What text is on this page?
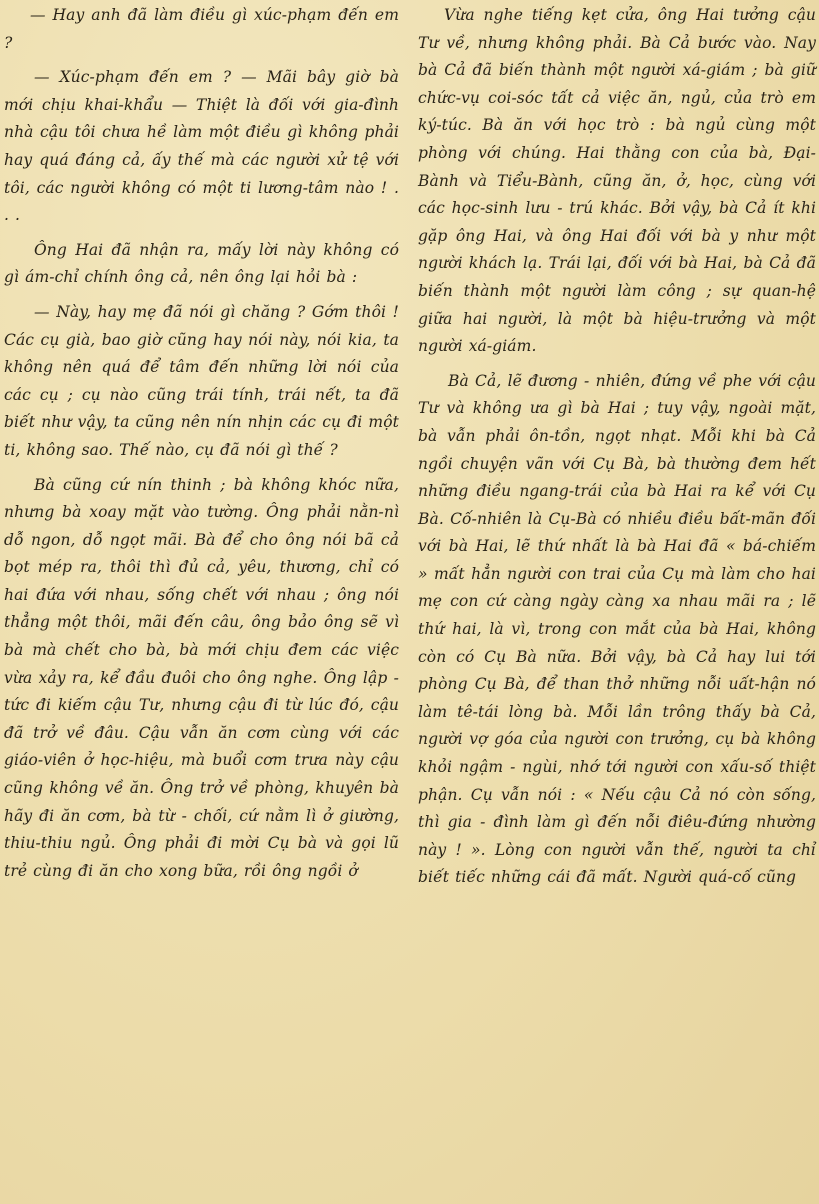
— Hay anh đã làm điều gì xúc-phạm đến em ?

— Xúc-phạm đến em ? — Mãi bây giờ bà mới chịu khai-khẩu — Thiệt là đối với gia-đình nhà cậu tôi chưa hề làm một điều gì không phải hay quá đáng cả, ấy thế mà các người xử tệ với tôi, các người không có một ti lương-tâm nào ! . . .

Ông Hai đã nhận ra, mấy lời này không có gì ám-chỉ chính ông cả, nên ông lại hỏi bà :

— Này, hay mẹ đã nói gì chăng ? Gớm thôi ! Các cụ già, bao giờ cũng hay nói này, nói kia, ta không nên quá để tâm đến những lời nói của các cụ ; cụ nào cũng trái tính, trái nết, ta đã biết như vậy, ta cũng nên nín nhịn các cụ đi một ti, không sao. Thế nào, cụ đã nói gì thế ?

Bà cũng cứ nín thinh ; bà không khóc nữa, nhưng bà xoay mặt vào tường. Ông phải nằn-nì dỗ ngon, dỗ ngọt mãi. Bà để cho ông nói bã cả bọt mép ra, thôi thì đủ cả, yêu, thương, chỉ có hai đứa với nhau, sống chết với nhau ; ông nói thẳng một thôi, mãi đến câu, ông bảo ông sẽ vì bà mà chết cho bà, bà mới chịu đem các việc vừa xảy ra, kể đầu đuôi cho ông nghe. Ông lập - tức đi kiếm cậu Tư, nhưng cậu đi từ lúc đó, cậu đã trở về đâu. Cậu vẫn ăn cơm cùng với các giáo-viên ở học-hiệu, mà buổi cơm trưa này cậu cũng không về ăn. Ông trở về phòng, khuyên bà hãy đi ăn cơm, bà từ - chối, cứ nằm lì ở giường, thiu-thiu ngủ. Ông phải đi mời Cụ bà và gọi lũ trẻ cùng đi ăn cho xong bữa, rồi ông ngồi ở

Vừa nghe tiếng kẹt cửa, ông Hai tưởng cậu Tư về, nhưng không phải. Bà Cả bước vào. Nay bà Cả đã biến thành một người xá-giám ; bà giữ chức-vụ coi-sóc tất cả việc ăn, ngủ, của trò em ký-túc. Bà ăn với học trò : bà ngủ cùng một phòng với chúng. Hai thằng con của bà, Đại-Bành và Tiểu-Bành, cũng ăn, ở, học, cùng với các học-sinh lưu - trú khác. Bởi vậy, bà Cả ít khi gặp ông Hai, và ông Hai đối với bà y như một người khách lạ. Trái lại, đối với bà Hai, bà Cả đã biến thành một người làm công ; sự quan-hệ giữa hai người, là một bà hiệu-trưởng và một người xá-giám.

Bà Cả, lẽ đương - nhiên, đứng về phe với cậu Tư và không ưa gì bà Hai ; tuy vậy, ngoài mặt, bà vẫn phải ôn-tồn, ngọt nhạt. Mỗi khi bà Cả ngồi chuyện vãn với Cụ Bà, bà thường đem hết những điều ngang-trái của bà Hai ra kể với Cụ Bà. Cố-nhiên là Cụ-Bà có nhiều điều bất-mãn đối với bà Hai, lẽ thứ nhất là bà Hai đã « bá-chiếm » mất hẳn người con trai của Cụ mà làm cho hai mẹ con cứ càng ngày càng xa nhau mãi ra ; lẽ thứ hai, là vì, trong con mắt của bà Hai, không còn có Cụ Bà nữa. Bởi vậy, bà Cả hay lui tới phòng Cụ Bà, để than thở những nỗi uất-hận nó làm tê-tái lòng bà. Mỗi lần trông thấy bà Cả, người vợ góa của người con trưởng, cụ bà không khỏi ngậm - ngùi, nhớ tới người con xấu-số thiệt phận. Cụ vẫn nói : « Nếu cậu Cả nó còn sống, thì gia - đình làm gì đến nỗi điêu-đứng nhường này ! ». Lòng con người vẫn thế, người ta chỉ biết tiếc những cái đã mất. Người quá-cố cũng
